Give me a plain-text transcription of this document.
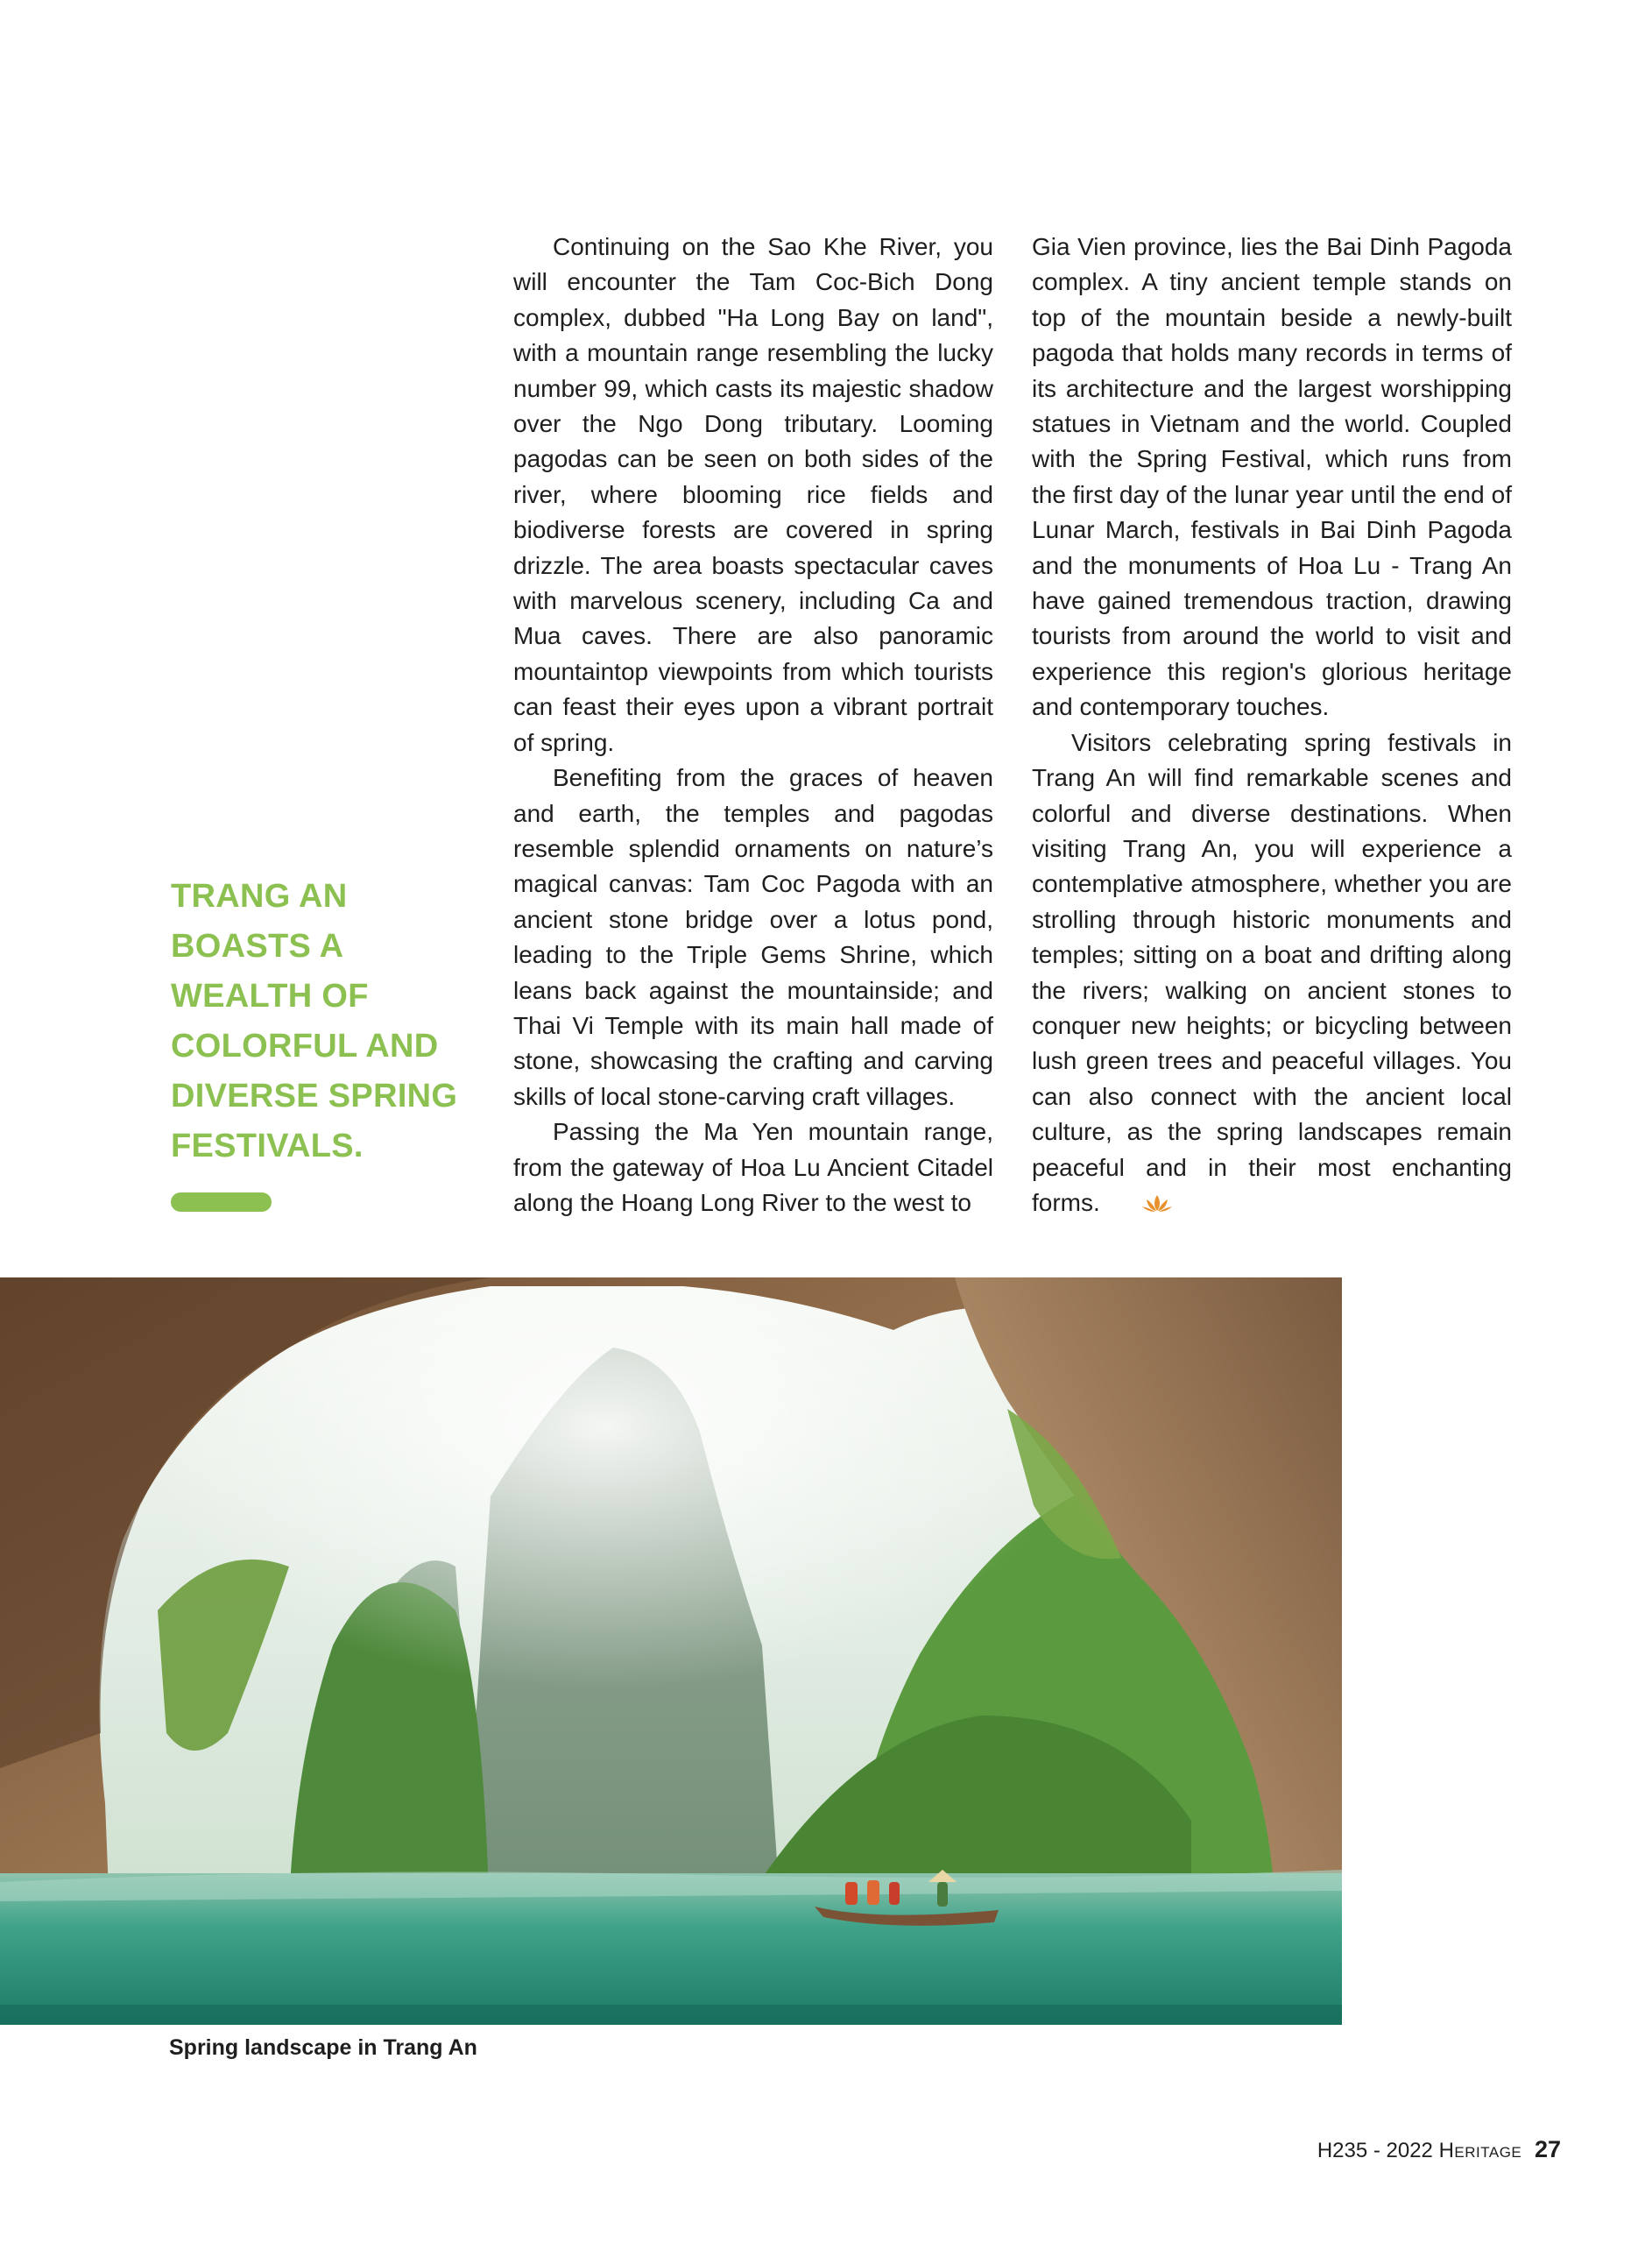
TRANG AN BOASTS A WEALTH OF COLORFUL AND DIVERSE SPRING FESTIVALS.

Continuing on the Sao Khe River, you will encounter the Tam Coc-Bich Dong complex, dubbed "Ha Long Bay on land", with a mountain range resembling the lucky number 99, which casts its majestic shadow over the Ngo Dong tributary. Looming pagodas can be seen on both sides of the river, where blooming rice fields and biodiverse forests are covered in spring drizzle. The area boasts spectacular caves with marvelous scenery, including Ca and Mua caves. There are also panoramic mountaintop viewpoints from which tourists can feast their eyes upon a vibrant portrait of spring.

Benefiting from the graces of heaven and earth, the temples and pagodas resemble splendid ornaments on nature’s magical canvas: Tam Coc Pagoda with an ancient stone bridge over a lotus pond, leading to the Triple Gems Shrine, which leans back against the mountainside; and Thai Vi Temple with its main hall made of stone, showcasing the crafting and carving skills of local stone-carving craft villages.

Passing the Ma Yen mountain range, from the gateway of Hoa Lu Ancient Citadel along the Hoang Long River to the west to

Gia Vien province, lies the Bai Dinh Pagoda complex. A tiny ancient temple stands on top of the mountain beside a newly-built pagoda that holds many records in terms of its architecture and the largest worshipping statues in Vietnam and the world. Coupled with the Spring Festival, which runs from the first day of the lunar year until the end of Lunar March, festivals in Bai Dinh Pagoda and the monuments of Hoa Lu - Trang An have gained tremendous traction, drawing tourists from around the world to visit and experience this region's glorious heritage and contemporary touches.

Visitors celebrating spring festivals in Trang An will find remarkable scenes and colorful and diverse destinations. When visiting Trang An, you will experience a contemplative atmosphere, whether you are strolling through historic monuments and temples; sitting on a boat and drifting along the rivers; walking on ancient stones to conquer new heights; or bicycling between lush green trees and peaceful villages. You can also connect with the ancient local culture, as the spring landscapes remain peaceful and in their most enchanting forms.

Spring landscape in Trang An

H235 - 2022 Heritage 27
